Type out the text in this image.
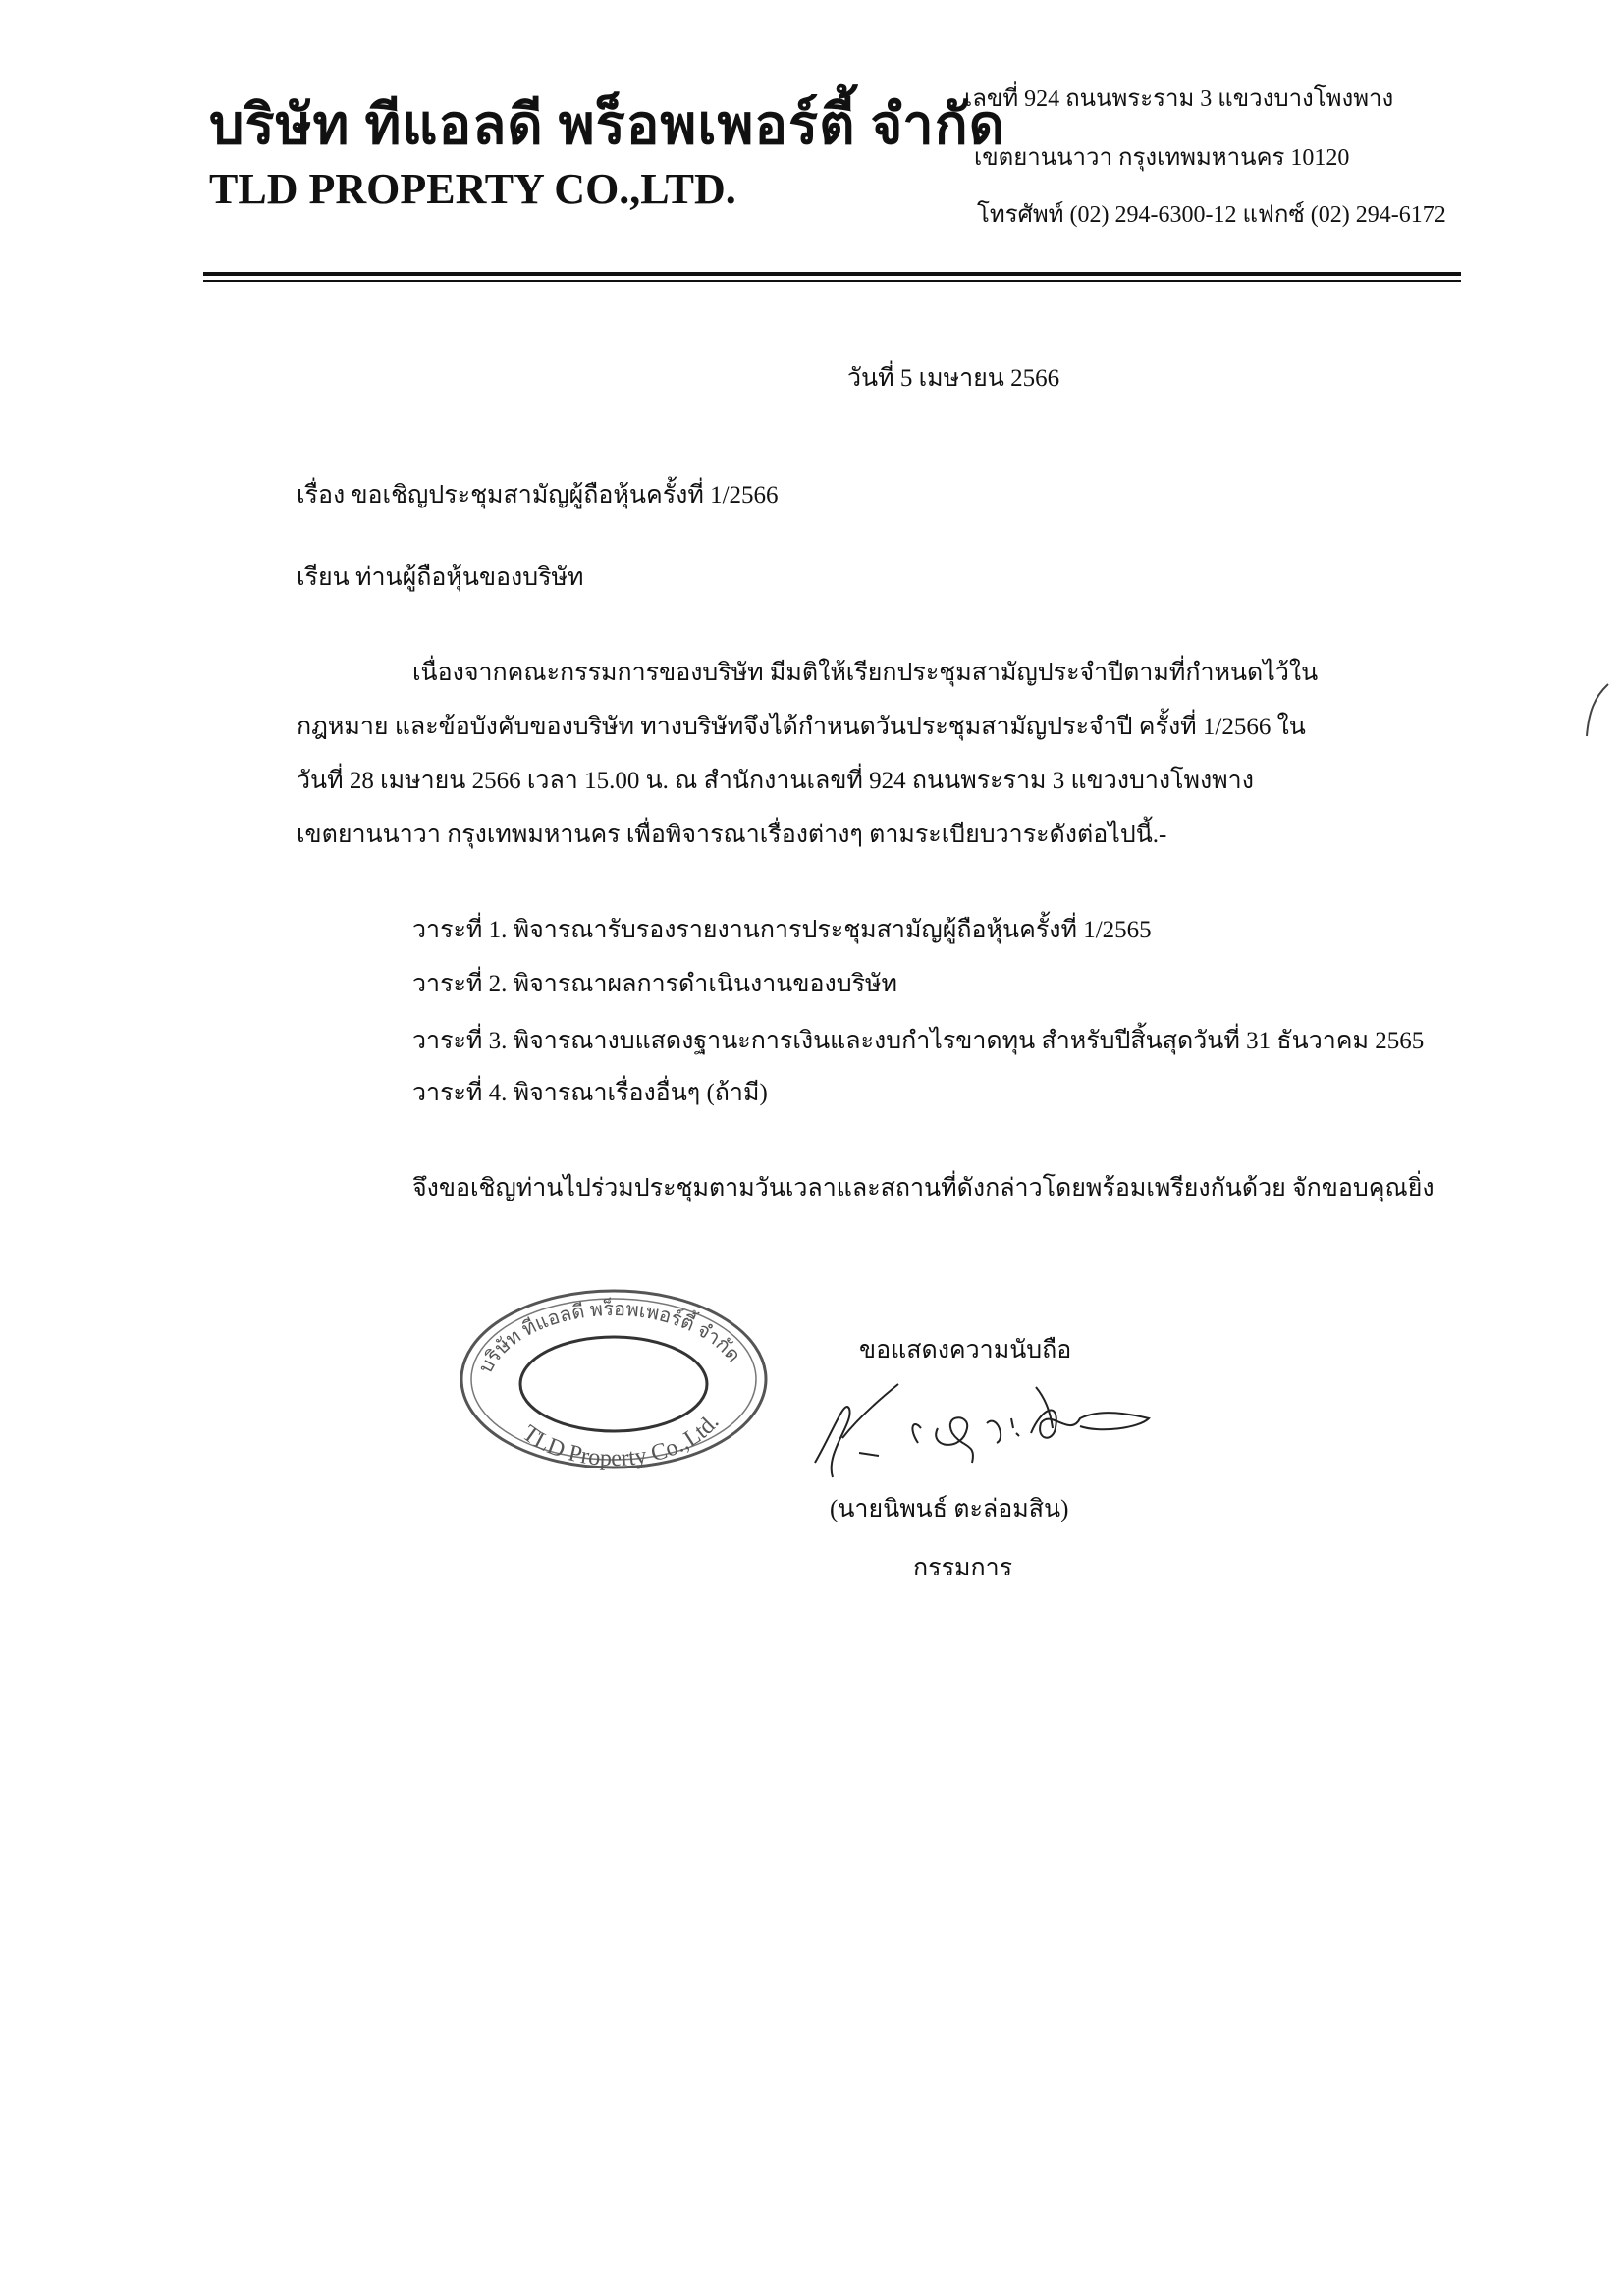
บริษัท ทีแอลดี พร็อพเพอร์ตี้ จำกัด
TLD PROPERTY CO.,LTD.
เลขที่ 924 ถนนพระราม 3 แขวงบางโพงพาง
เขตยานนาวา กรุงเทพมหานคร 10120
โทรศัพท์ (02) 294-6300-12 แฟกซ์ (02) 294-6172
วันที่ 5 เมษายน 2566
เรื่อง ขอเชิญประชุมสามัญผู้ถือหุ้นครั้งที่ 1/2566
เรียน ท่านผู้ถือหุ้นของบริษัท
เนื่องจากคณะกรรมการของบริษัท มีมติให้เรียกประชุมสามัญประจำปีตามที่กำหนดไว้ใน
กฎหมาย และข้อบังคับของบริษัท ทางบริษัทจึงได้กำหนดวันประชุมสามัญประจำปี ครั้งที่ 1/2566 ใน
วันที่ 28 เมษายน 2566 เวลา 15.00 น. ณ สำนักงานเลขที่ 924 ถนนพระราม 3 แขวงบางโพงพาง
เขตยานนาวา กรุงเทพมหานคร เพื่อพิจารณาเรื่องต่างๆ ตามระเบียบวาระดังต่อไปนี้.-
วาระที่ 1. พิจารณารับรองรายงานการประชุมสามัญผู้ถือหุ้นครั้งที่ 1/2565
วาระที่ 2. พิจารณาผลการดำเนินงานของบริษัท
วาระที่ 3. พิจารณางบแสดงฐานะการเงินและงบกำไรขาดทุน สำหรับปีสิ้นสุดวันที่ 31 ธันวาคม 2565
วาระที่ 4. พิจารณาเรื่องอื่นๆ (ถ้ามี)
จึงขอเชิญท่านไปร่วมประชุมตามวันเวลาและสถานที่ดังกล่าวโดยพร้อมเพรียงกันด้วย จักขอบคุณยิ่ง
ขอแสดงความนับถือ
(นายนิพนธ์ ตะล่อมสิน)
กรรมการ
บริษัท ทีแอลดี พร็อพเพอร์ตี้ จำกัด
TLD Property Co.,Ltd.
